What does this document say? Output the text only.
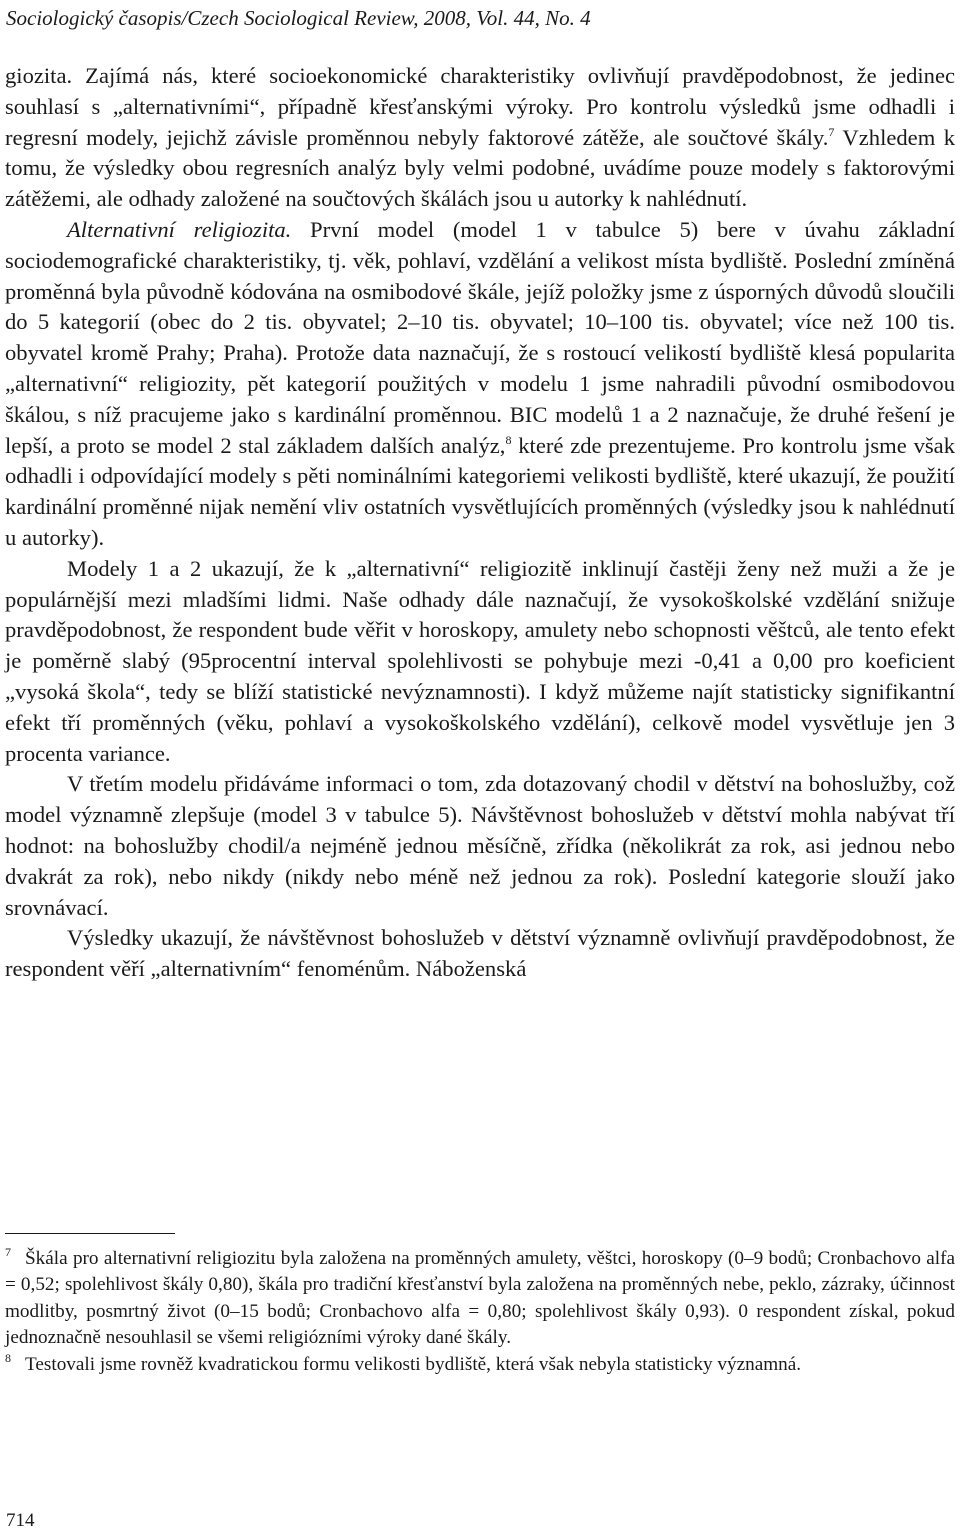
Sociologický časopis/Czech Sociological Review, 2008, Vol. 44, No. 4

giozita. Zajímá nás, které socioekonomické charakteristiky ovlivňují pravděpodobnost, že jedinec souhlasí s „alternativními“, případně křesťanskými výroky. Pro kontrolu výsledků jsme odhadli i regresní modely, jejichž závisle proměnnou nebyly faktorové zátěže, ale součtové škály.$^7$ Vzhledem k tomu, že výsledky obou regresních analýz byly velmi podobné, uvádíme pouze modely s faktorovými zátěžemi, ale odhady založené na součtových škálách jsou u autorky k nahlédnutí.

Alternativní religiozita. První model (model 1 v tabulce 5) bere v úvahu základní sociodemografické charakteristiky, tj. věk, pohlaví, vzdělání a velikost místa bydliště. Poslední zmíněná proměnná byla původně kódována na osmibodové škále, jejíž položky jsme z úsporných důvodů sloučili do 5 kategorií (obec do 2 tis. obyvatel; 2–10 tis. obyvatel; 10–100 tis. obyvatel; více než 100 tis. obyvatel kromě Prahy; Praha). Protože data naznačují, že s rostoucí velikostí bydliště klesá popularita „alternativní“ religiozity, pět kategorií použitých v modelu 1 jsme nahradili původní osmibodovou škálou, s níž pracujeme jako s kardinální proměnnou. BIC modelů 1 a 2 naznačuje, že druhé řešení je lepší, a proto se model 2 stal základem dalších analýz,$^8$ které zde prezentujeme. Pro kontrolu jsme však odhadli i odpovídající modely s pěti nominálními kategoriemi velikosti bydliště, které ukazují, že použití kardinální proměnné nijak nemění vliv ostatních vysvětlujících proměnných (výsledky jsou k nahlédnutí u autorky).

Modely 1 a 2 ukazují, že k „alternativní“ religiozitě inklinují častěji ženy než muži a že je populárnější mezi mladšími lidmi. Naše odhady dále naznačují, že vysokoškolské vzdělání snižuje pravděpodobnost, že respondent bude věřit v horoskopy, amulety nebo schopnosti věštců, ale tento efekt je poměrně slabý (95procentní interval spolehlivosti se pohybuje mezi -0,41 a 0,00 pro koeficient „vysoká škola“, tedy se blíží statistické nevýznamnosti). I když můžeme najít statisticky signifikantní efekt tří proměnných (věku, pohlaví a vysokoškolského vzdělání), celkově model vysvětluje jen 3 procenta variance.

V třetím modelu přidáváme informaci o tom, zda dotazovaný chodil v dětství na bohoslužby, což model významně zlepšuje (model 3 v tabulce 5). Návštěvnost bohoslužeb v dětství mohla nabývat tří hodnot: na bohoslužby chodil/a nejméně jednou měsíčně, zřídka (několikrát za rok, asi jednou nebo dvakrát za rok), nebo nikdy (nikdy nebo méně než jednou za rok). Poslední kategorie slouží jako srovnávací.

Výsledky ukazují, že návštěvnost bohoslužeb v dětství významně ovlivňují pravděpodobnost, že respondent věří „alternativním“ fenoménům. Náboženská

7 Škála pro alternativní religiozitu byla založena na proměnných amulety, věštci, horoskopy (0–9 bodů; Cronbachovo alfa = 0,52; spolehlivost škály 0,80), škála pro tradiční křesťanství byla založena na proměnných nebe, peklo, zázraky, účinnost modlitby, posmrtný život (0–15 bodů; Cronbachovo alfa = 0,80; spolehlivost škály 0,93). 0 respondent získal, pokud jednoznačně nesouhlasil se všemi religiózními výroky dané škály.

8 Testovali jsme rovněž kvadratickou formu velikosti bydliště, která však nebyla statisticky významná.

714
